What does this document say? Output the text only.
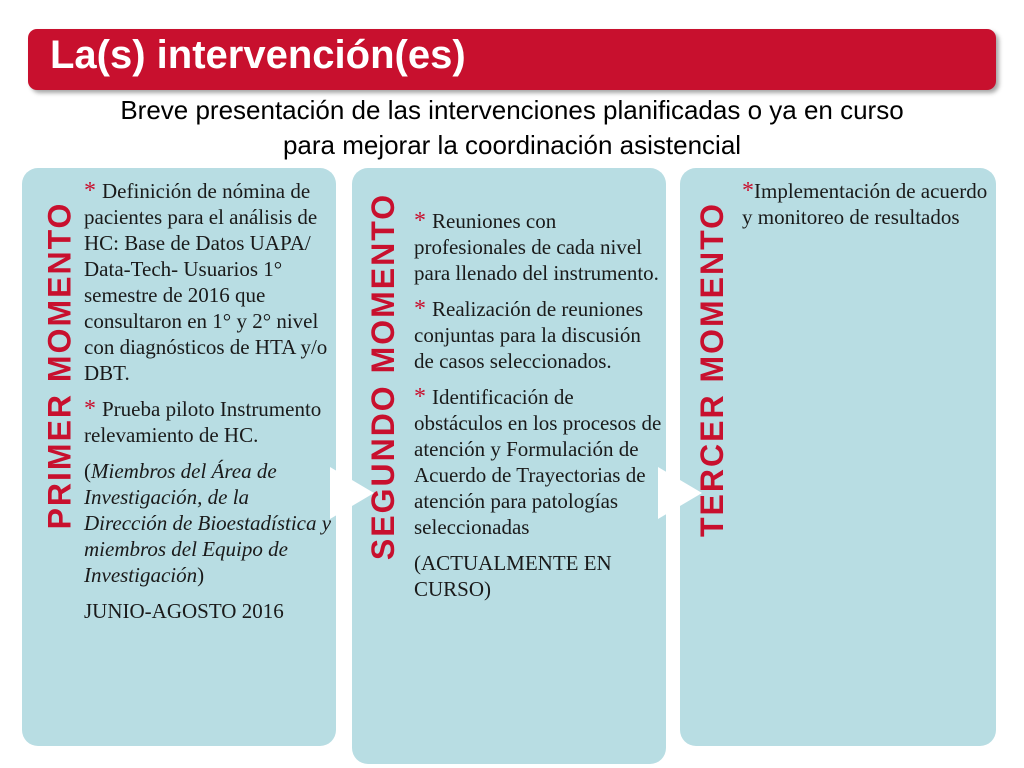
La(s) intervención(es)
Breve presentación de las intervenciones planificadas o ya en curso
para mejorar la coordinación asistencial
PRIMER MOMENTO

* Definición de nómina de pacientes para el análisis de HC: Base de Datos UAPA/ Data-Tech- Usuarios 1° semestre de 2016 que consultaron en 1° y 2° nivel con diagnósticos de HTA y/o DBT.

* Prueba piloto Instrumento relevamiento de HC.

(Miembros del Área de Investigación, de la Dirección de Bioestadística y miembros del Equipo de Investigación)

JUNIO-AGOSTO 2016

SEGUNDO MOMENTO * Reuniones con profesionales de cada nivel para llenado del instrumento.

* Realización de reuniones conjuntas para la discusión de casos seleccionados.

* Identificación de obstáculos en los procesos de atención y Formulación de Acuerdo de Trayectorias de atención para patologías seleccionadas

(ACTUALMENTE EN CURSO)

TERCER MOMENTO

*Implementación de acuerdo y monitoreo de resultados
